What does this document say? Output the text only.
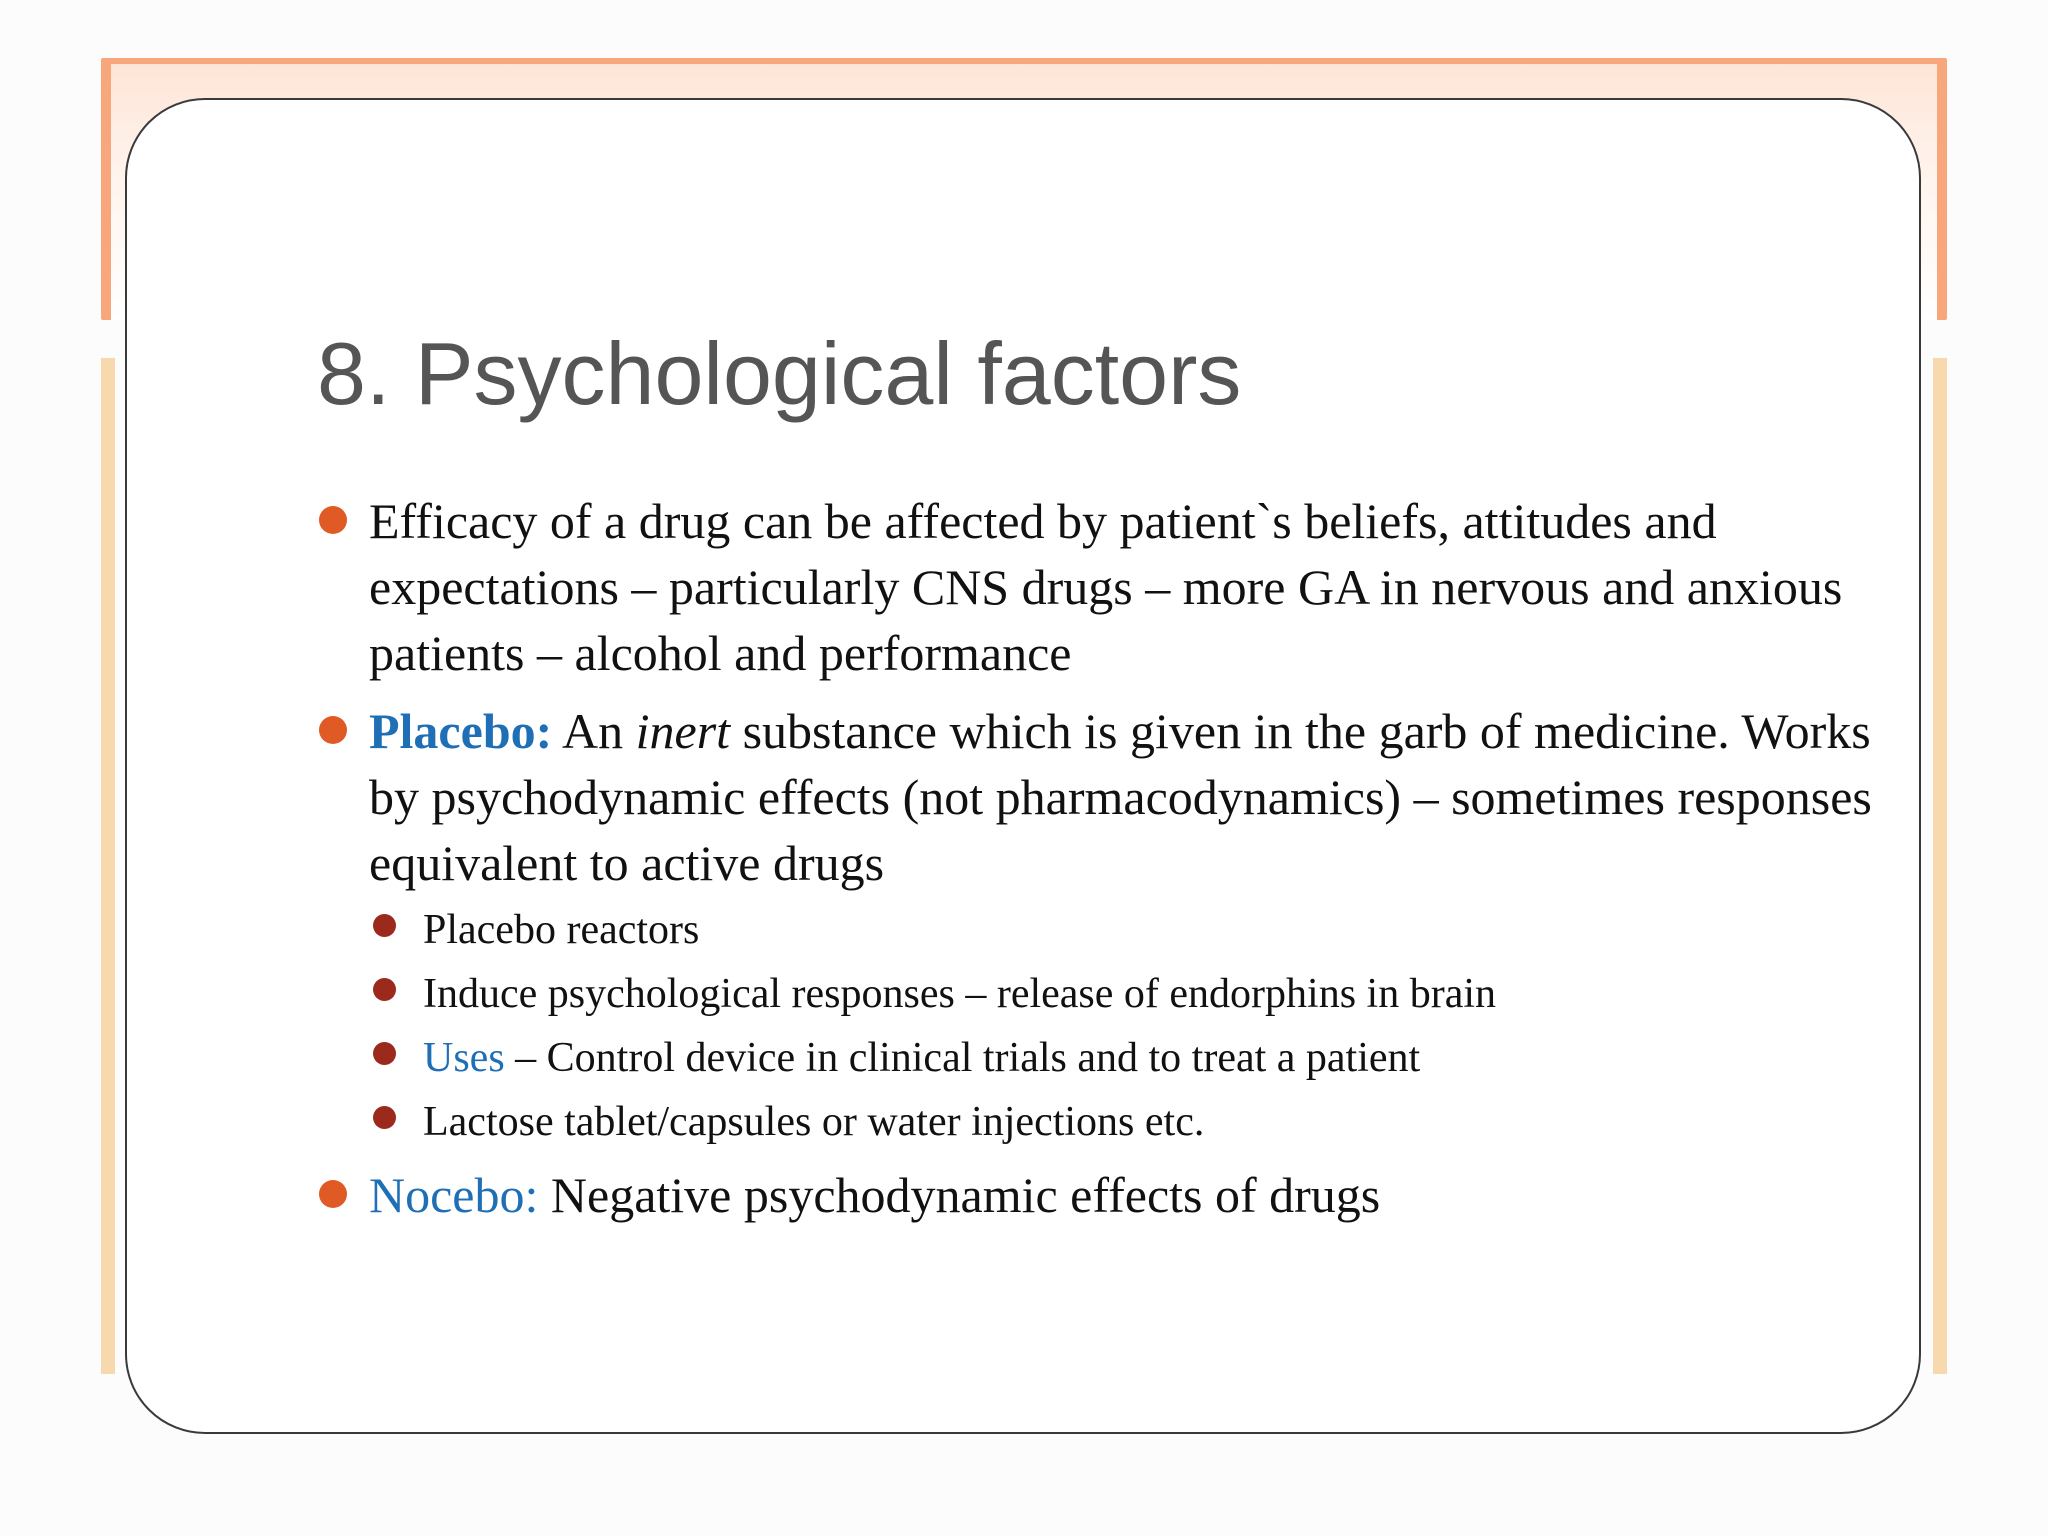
8. Psychological factors
Efficacy of a drug can be affected by patient`s beliefs, attitudes and expectations – particularly CNS drugs – more GA in nervous and anxious patients – alcohol and performance
Placebo: An inert substance which is given in the garb of medicine. Works by psychodynamic effects (not pharmacodynamics) – sometimes responses equivalent to active drugs
Placebo reactors
Induce psychological responses – release of endorphins in brain
Uses – Control device in clinical trials and to treat a patient
Lactose tablet/capsules or water injections etc.
Nocebo: Negative psychodynamic effects of drugs
